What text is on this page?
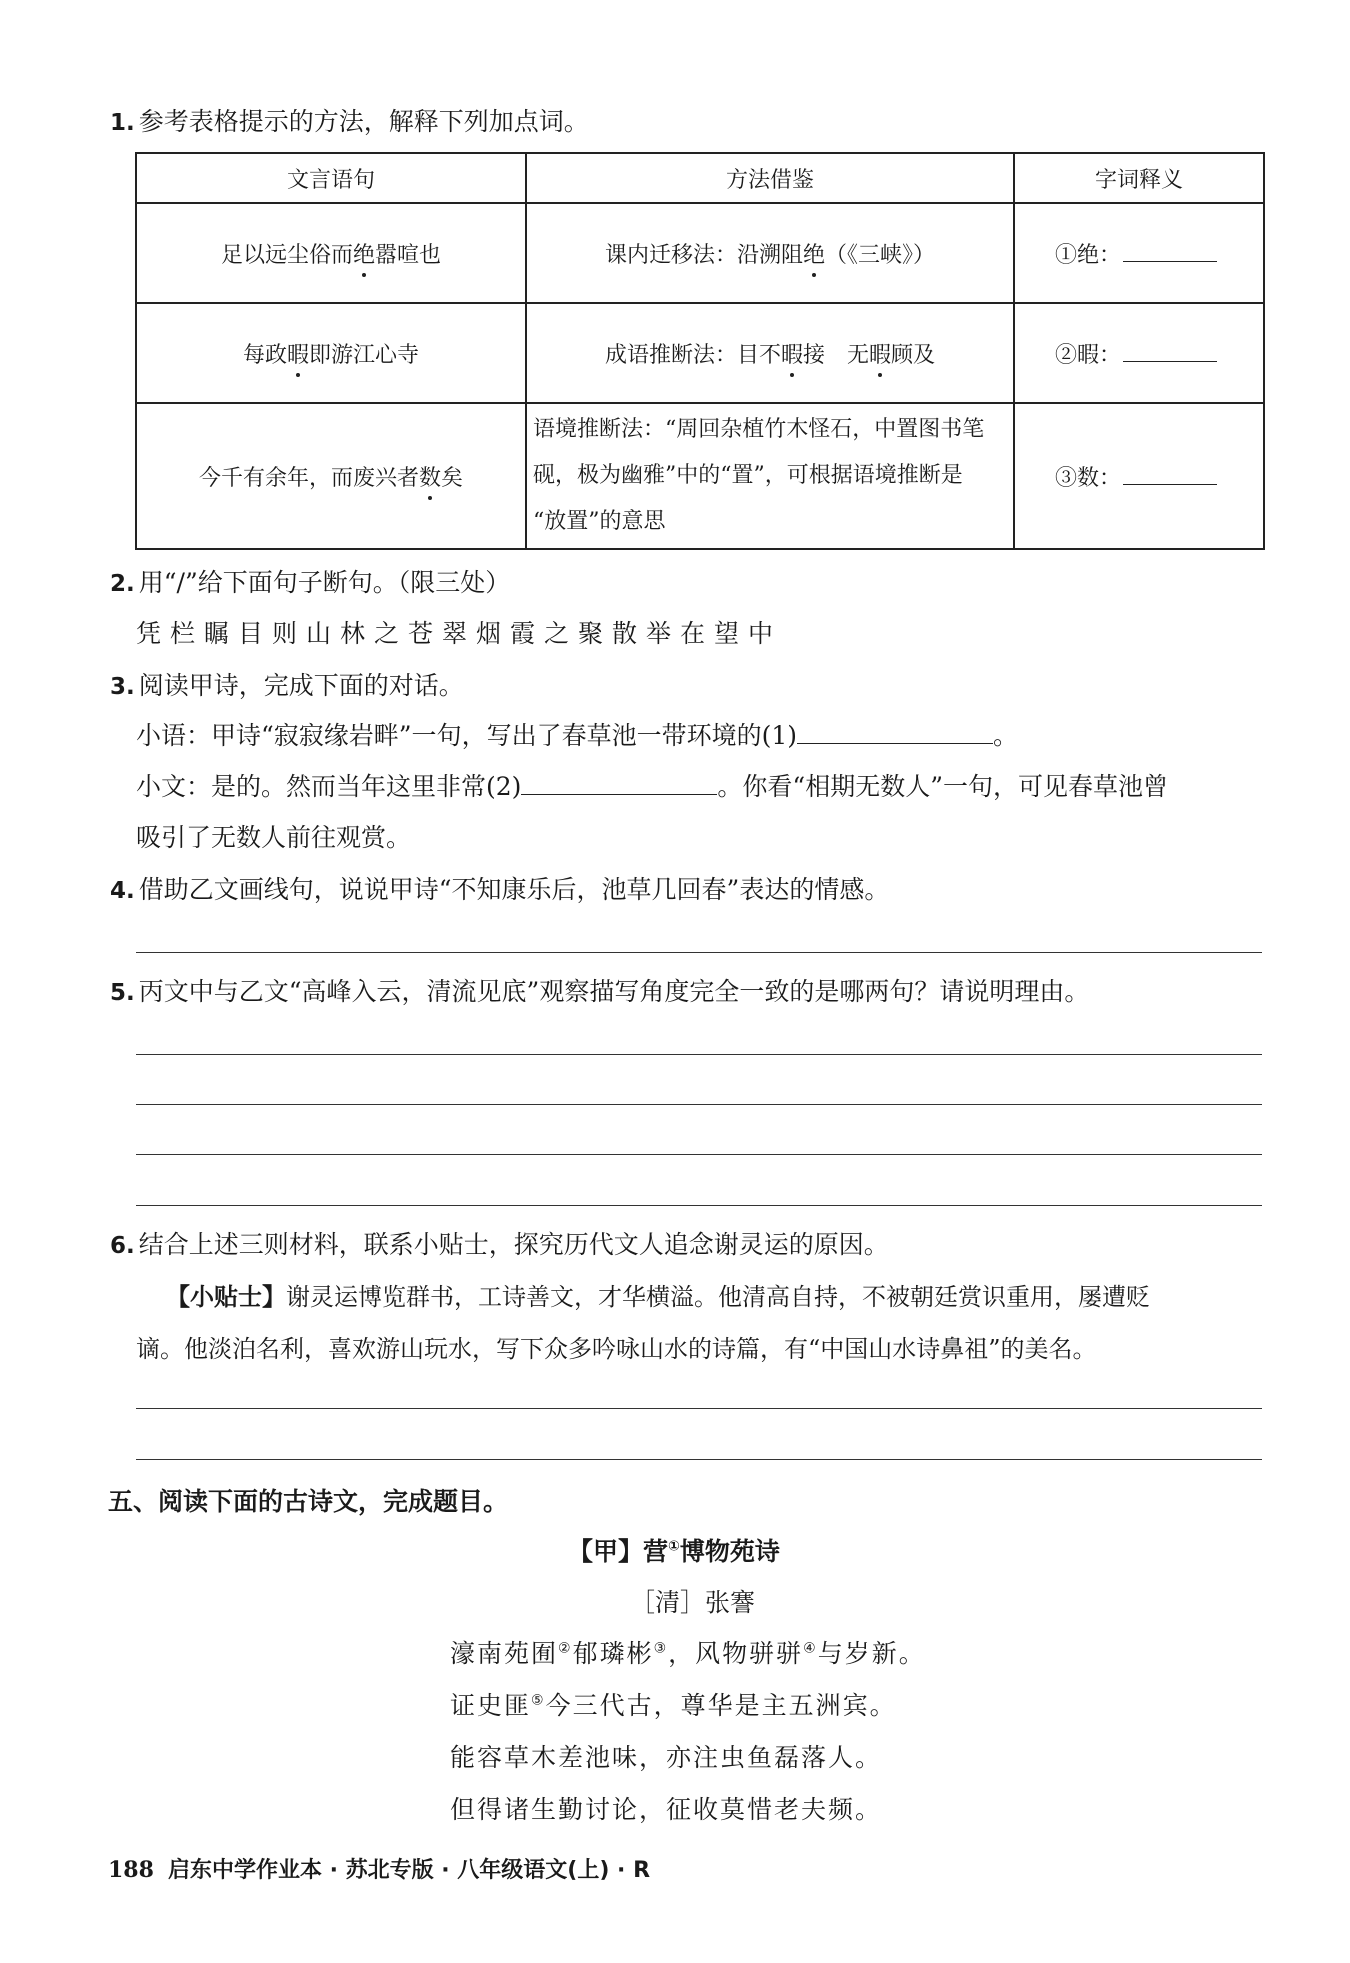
1. 参考表格提示的方法，解释下列加点词。
文言语句	方法借鉴	字词释义
足以远尘俗而绝嚣喧也	课内迁移法：沿溯阻绝（《三峡》）	①绝：
每政暇即游江心寺	成语推断法：目不暇接　无暇顾及	②暇：
今千有余年，而废兴者数矣	语境推断法：“周回杂植竹木怪石，中置图书笔
砚，极为幽雅”中的“置”，可根据语境推断是
“放置”的意思	③数：
2. 用“/”给下面句子断句。（限三处）
凭栏瞩目则山林之苍翠烟霞之聚散举在望中
3. 阅读甲诗，完成下面的对话。
小语：甲诗“寂寂缘岩畔”一句，写出了春草池一带环境的(1)	。
小文：是的。然而当年这里非常(2)	。你看“相期无数人”一句，可见春草池曾
吸引了无数人前往观赏。
4. 借助乙文画线句，说说甲诗“不知康乐后，池草几回春”表达的情感。
5. 丙文中与乙文“高峰入云，清流见底”观察描写角度完全一致的是哪两句？请说明理由。
6. 结合上述三则材料，联系小贴士，探究历代文人追念谢灵运的原因。
【小贴士】谢灵运博览群书，工诗善文，才华横溢。他清高自持，不被朝廷赏识重用，屡遭贬
谪。他淡泊名利，喜欢游山玩水，写下众多吟咏山水的诗篇，有“中国山水诗鼻祖”的美名。
五、阅读下面的古诗文，完成题目。
【甲】营①博物苑诗
［清］张謇
濠南苑囿②郁璘彬③，风物骈骈④与岁新。
证史匪⑤今三代古，尊华是主五洲宾。
能容草木差池味，亦注虫鱼磊落人。
但得诸生勤讨论，征收莫惜老夫频。
188 启东中学作业本 · 苏北专版 · 八年级语文(上) · R
